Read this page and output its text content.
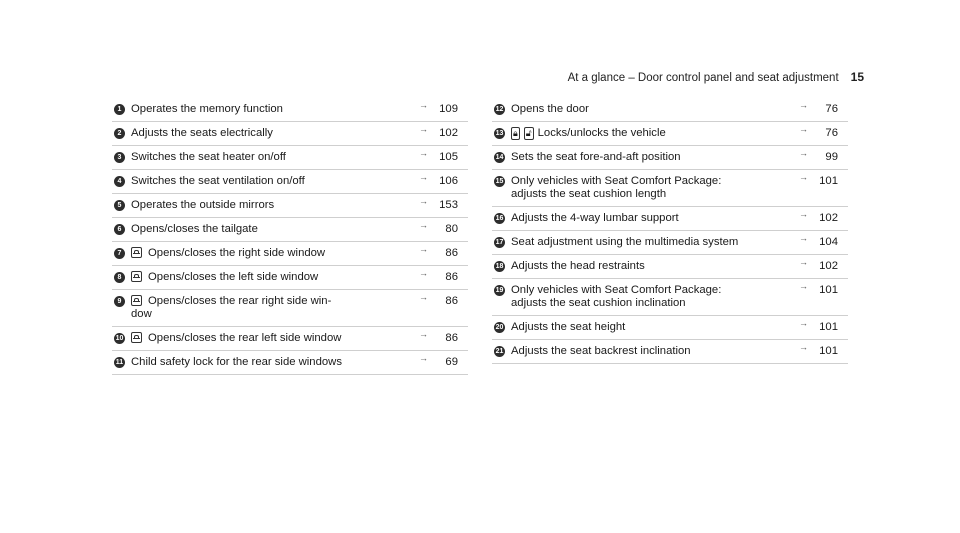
At a glance – Door control panel and seat adjustment 15
1 Operates the memory function	→ 109
2 Adjusts the seats electrically	→ 102
3 Switches the seat heater on/off	→ 105
4 Switches the seat ventilation on/off	→ 106
5 Operates the outside mirrors	→ 153
6 Opens/closes the tailgate	→ 80
7	Opens/closes the right side window	→ 86
8	Opens/closes the left side window	→ 86
9	Opens/closes the rear right side win-
dow
→ 86
10	Opens/closes the rear left side window	→ 86
11 Child safety lock for the rear side windows	→ 69
12 Opens the door	→ 76
13 🔒︎ 🔓︎ Locks/unlocks the vehicle	→ 76
14 Sets the seat fore-and-aft position	→ 99
15 Only vehicles with Seat Comfort Package:
adjusts the seat cushion length
→ 101
16 Adjusts the 4-way lumbar support	→ 102
17 Seat adjustment using the multimedia system	→ 104
18 Adjusts the head restraints	→ 102
19 Only vehicles with Seat Comfort Package:
adjusts the seat cushion inclination
→ 101
20 Adjusts the seat height	→ 101
21 Adjusts the seat backrest inclination	→ 101
